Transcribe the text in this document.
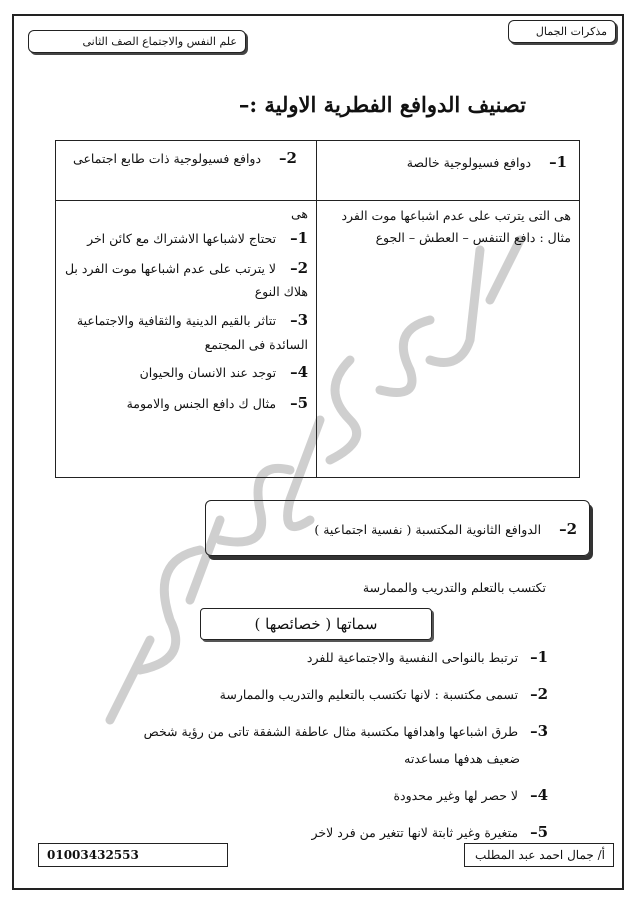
مذكرات الجمال
علم النفس والاجتماع الصف الثانى
تصنيف الدوافع الفطرية الاولية :–
1– دوافع فسيولوجية خالصة
2– دوافع فسيولوجية ذات طابع اجتماعى
هى التى يترتب على عدم اشباعها موت الفرد
مثال : دافع التنفس – العطش – الجوع
هى
1–تحتاج لاشباعها الاشتراك مع كائن اخر
2–لا يترتب على عدم اشباعها موت الفرد بل هلاك النوع
3–تتاثر بالقيم الدينية والثقافية والاجتماعية السائدة فى المجتمع
4–توجد عند الانسان والحيوان
5–مثال ك دافع الجنس والامومة
2– الدوافع الثانوية المكتسبة ( نفسية اجتماعية )
تكتسب بالتعلم والتدريب والممارسة
سماتها ( خصائصها )
1–ترتبط بالنواحى النفسية والاجتماعية للفرد
2–تسمى مكتسبة : لانها تكتسب بالتعليم والتدريب والممارسة
3–طرق اشباعها واهدافها مكتسبة مثال عاطفة الشفقة تاتى من رؤية شخص
ضعيف هدفها مساعدته
4–لا حصر لها وغير محدودة
5–متغيرة وغير ثابتة لانها تتغير من فرد لاخر
أ/ جمال احمد عبد المطلب
01003432553
